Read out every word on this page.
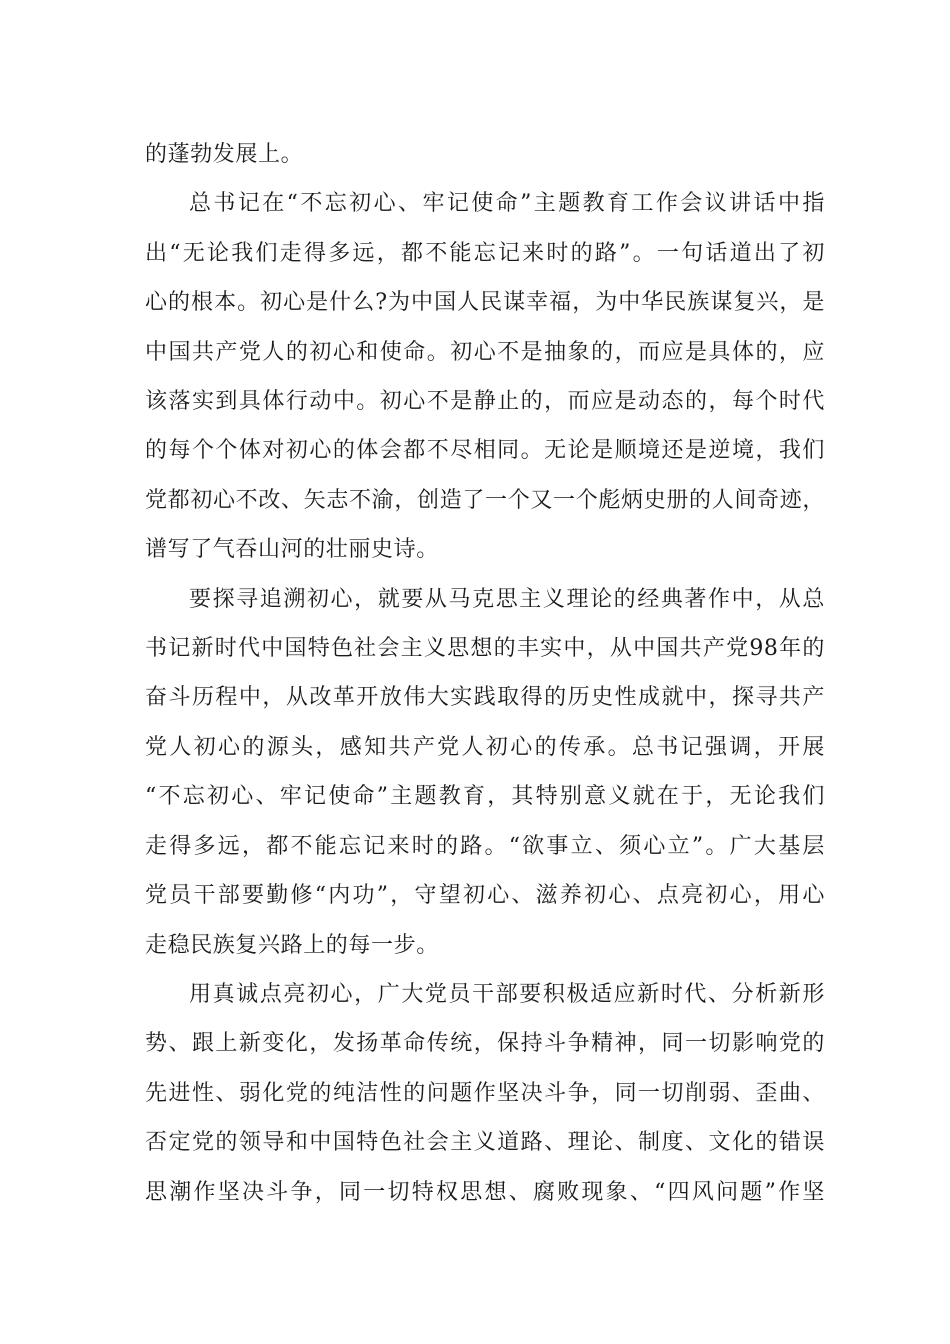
的蓬勃发展上。
总书记在“不忘初心、牢记使命”主题教育工作会议讲话中指
出“无论我们走得多远，都不能忘记来时的路”。一句话道出了初
心的根本。初心是什么?为中国人民谋幸福，为中华民族谋复兴，是
中国共产党人的初心和使命。初心不是抽象的，而应是具体的，应
该落实到具体行动中。初心不是静止的，而应是动态的，每个时代
的每个个体对初心的体会都不尽相同。无论是顺境还是逆境，我们
党都初心不改、矢志不渝，创造了一个又一个彪炳史册的人间奇迹，
谱写了气吞山河的壮丽史诗。
要探寻追溯初心，就要从马克思主义理论的经典著作中，从总
书记新时代中国特色社会主义思想的丰实中，从中国共产党98年的
奋斗历程中，从改革开放伟大实践取得的历史性成就中，探寻共产
党人初心的源头，感知共产党人初心的传承。总书记强调，开展
“不忘初心、牢记使命”主题教育，其特别意义就在于，无论我们
走得多远，都不能忘记来时的路。“欲事立、须心立”。广大基层
党员干部要勤修“内功”，守望初心、滋养初心、点亮初心，用心
走稳民族复兴路上的每一步。
用真诚点亮初心，广大党员干部要积极适应新时代、分析新形
势、跟上新变化，发扬革命传统，保持斗争精神，同一切影响党的
先进性、弱化党的纯洁性的问题作坚决斗争，同一切削弱、歪曲、
否定党的领导和中国特色社会主义道路、理论、制度、文化的错误
思潮作坚决斗争，同一切特权思想、腐败现象、“四风问题”作坚
